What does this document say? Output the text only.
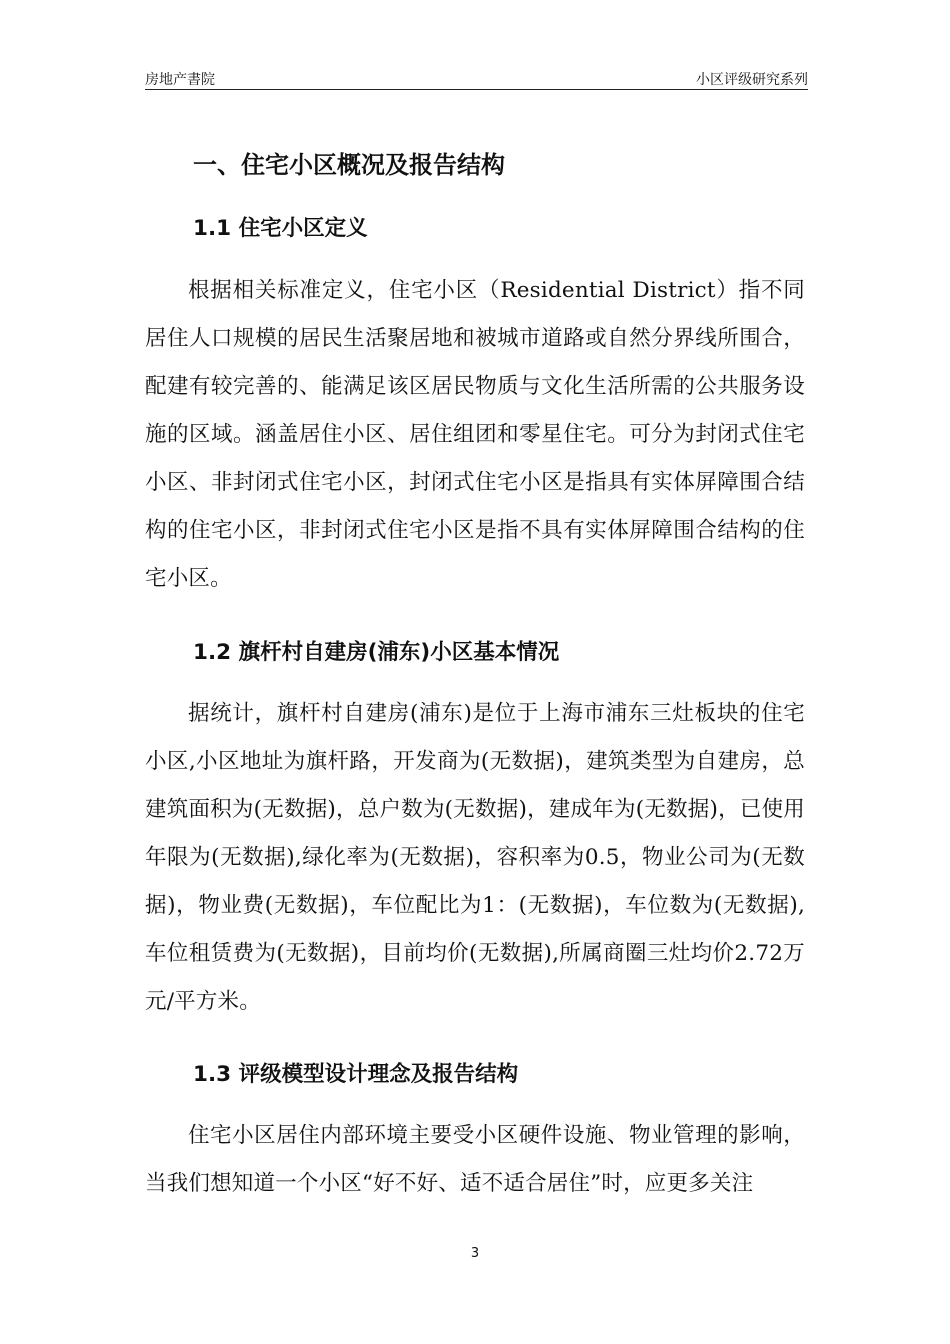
房地产書院	小区评级研究系列
一、住宅小区概况及报告结构
1.1 住宅小区定义

根据相关标准定义，住宅小区（Residential District）指不同居住人口规模的居民生活聚居地和被城市道路或自然分界线所围合，配建有较完善的、能满足该区居民物质与文化生活所需的公共服务设施的区域。涵盖居住小区、居住组团和零星住宅。可分为封闭式住宅小区、非封闭式住宅小区，封闭式住宅小区是指具有实体屏障围合结构的住宅小区，非封闭式住宅小区是指不具有实体屏障围合结构的住宅小区。

1.2 旗杆村自建房(浦东)小区基本情况

据统计，旗杆村自建房(浦东)是位于上海市浦东三灶板块的住宅小区,小区地址为旗杆路，开发商为(无数据)，建筑类型为自建房，总建筑面积为(无数据)，总户数为(无数据)，建成年为(无数据)，已使用年限为(无数据),绿化率为(无数据)，容积率为0.5，物业公司为(无数据)，物业费(无数据)，车位配比为1：(无数据)，车位数为(无数据),车位租赁费为(无数据)，目前均价(无数据),所属商圈三灶均价2.72万元/平方米。

1.3 评级模型设计理念及报告结构

住宅小区居住内部环境主要受小区硬件设施、物业管理的影响，当我们想知道一个小区“好不好、适不适合居住”时，应更多关注

3
